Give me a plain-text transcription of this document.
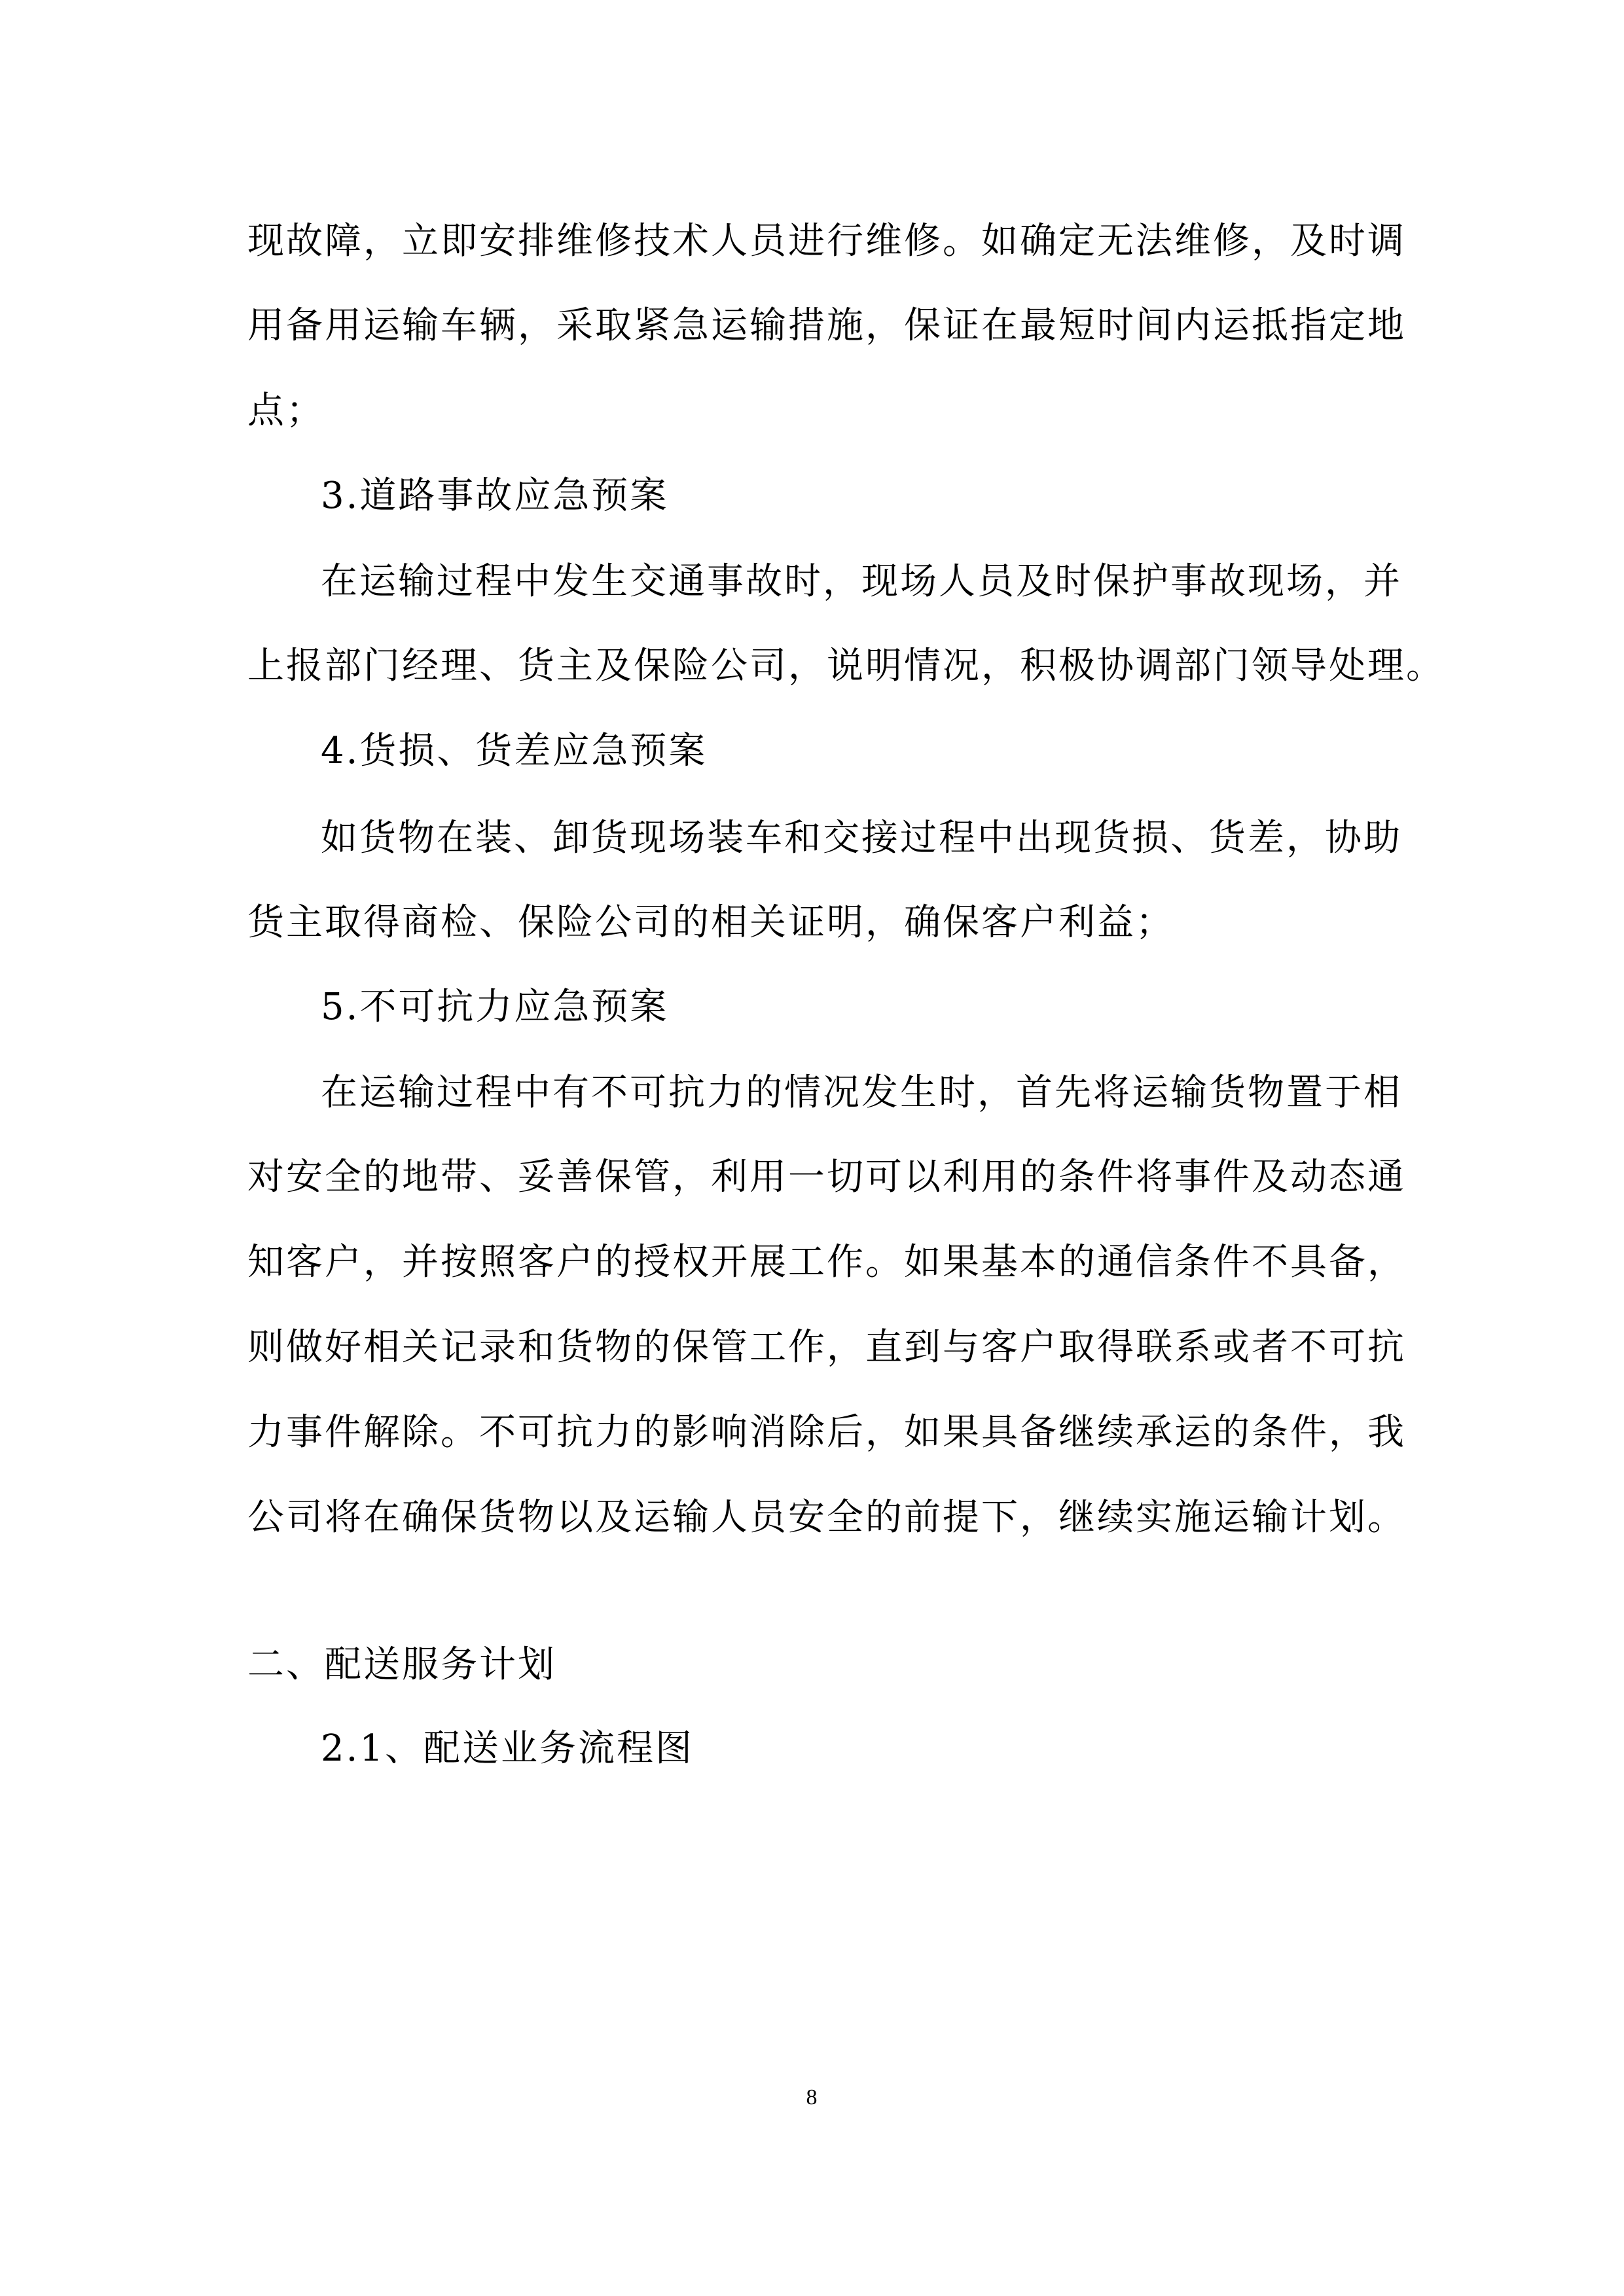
现故障，立即安排维修技术人员进行维修。如确定无法维修，及时调
用备用运输车辆，采取紧急运输措施，保证在最短时间内运抵指定地
点；
3.道路事故应急预案
在运输过程中发生交通事故时，现场人员及时保护事故现场，并
上报部门经理、货主及保险公司，说明情况，积极协调部门领导处理。
4.货损、货差应急预案
如货物在装、卸货现场装车和交接过程中出现货损、货差，协助
货主取得商检、保险公司的相关证明，确保客户利益；
5.不可抗力应急预案
在运输过程中有不可抗力的情况发生时，首先将运输货物置于相
对安全的地带、妥善保管，利用一切可以利用的条件将事件及动态通
知客户，并按照客户的授权开展工作。如果基本的通信条件不具备，
则做好相关记录和货物的保管工作，直到与客户取得联系或者不可抗
力事件解除。不可抗力的影响消除后，如果具备继续承运的条件，我
公司将在确保货物以及运输人员安全的前提下，继续实施运输计划。
二、配送服务计划
2.1、配送业务流程图
8
